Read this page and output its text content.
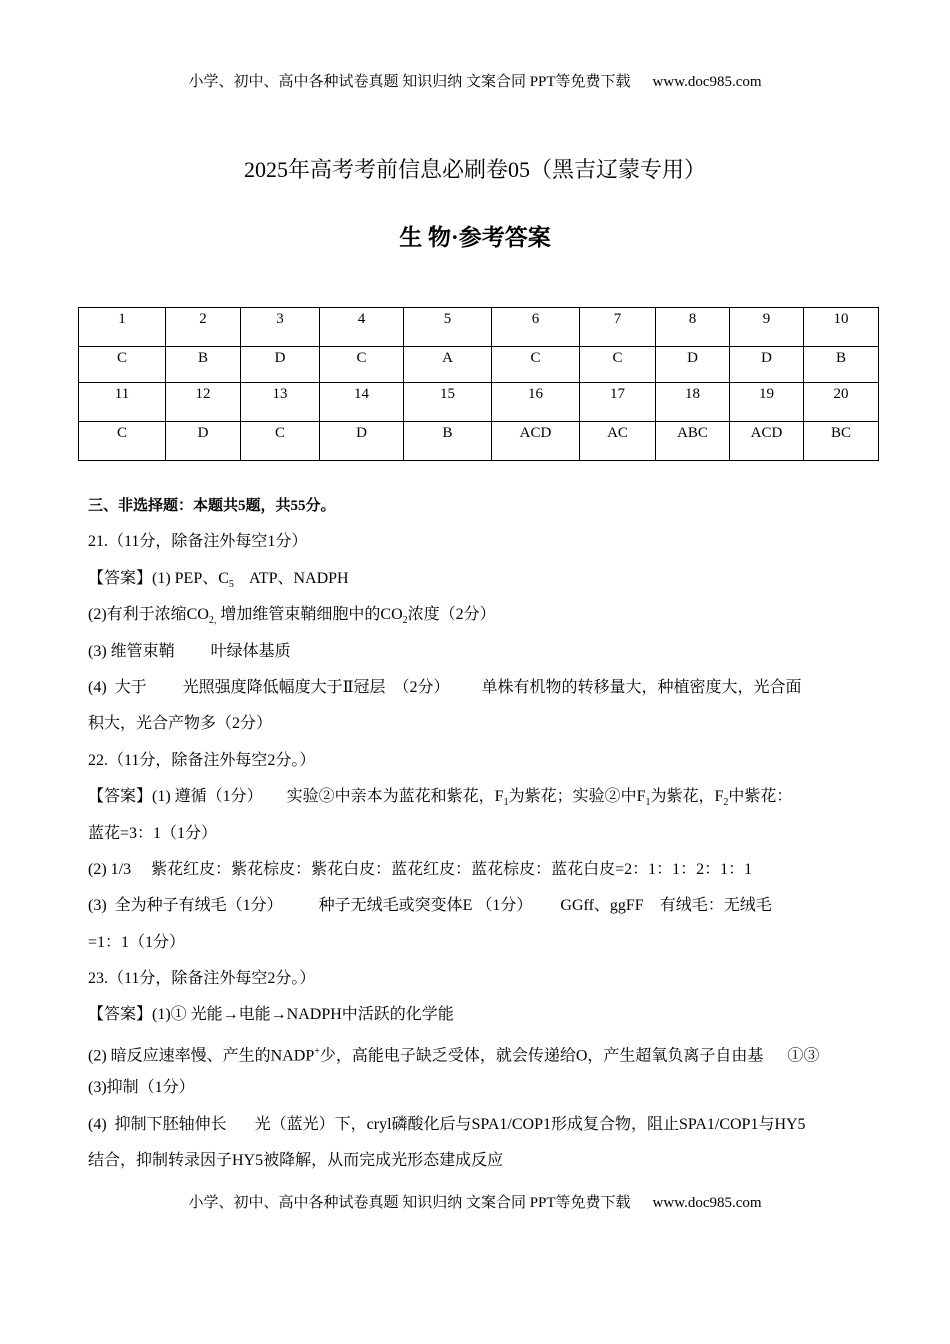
小学、初中、高中各种试卷真题 知识归纳 文案合同 PPT等免费下载 www.doc985.com
2025年高考考前信息必刷卷05（黑吉辽蒙专用）
生 物·参考答案
1	2	3	4	5	6	7	8	9	10
C	B	D	C	A	C	C	D	D	B
11	12	13	14	15	16	17	18	19	20
C	D	C	D	B	ACD	AC	ABC	ACD	BC
三、非选择题：本题共5题，共55分。
21.（11分，除备注外每空1分）
【答案】(1) PEP、$C_5$    ATP、NADPH
(2)有利于浓缩$CO_{2,}$ 增加维管束鞘细胞中的$CO_2$浓度（2分）
(3) 维管束鞘         叶绿体基质
(4)  大于         光照强度降低幅度大于Ⅱ冠层  （2分）        单株有机物的转移量大，种植密度大，光合面
积大，光合产物多（2分）
22.（11分，除备注外每空2分。）
【答案】(1) 遵循（1分）      实验②中亲本为蓝花和紫花，$F_1$为紫花；实验②中$F_1$为紫花，$F_2$中紫花：
蓝花=3：1（1分）
(2) 1/3     紫花红皮：紫花棕皮：紫花白皮：蓝花红皮：蓝花棕皮：蓝花白皮=2：1：1：2：1：1
(3)  全为种子有绒毛（1分）         种子无绒毛或突变体E （1分）       GGff、ggFF    有绒毛：无绒毛
=1：1（1分）
23.（11分，除备注外每空2分。）
【答案】(1)① 光能→电能→NADPH中活跃的化学能
(2) 暗反应速率慢、产生的NADP+少，高能电子缺乏受体，就会传递给O，产生超氧负离子自由基      ①③
(3)抑制（1分）
(4)  抑制下胚轴伸长       光（蓝光）下，cryl磷酸化后与SPA1/COP1形成复合物，阻止SPA1/COP1与HY5
结合，抑制转录因子HY5被降解，从而完成光形态建成反应
小学、初中、高中各种试卷真题 知识归纳 文案合同 PPT等免费下载 www.doc985.com
